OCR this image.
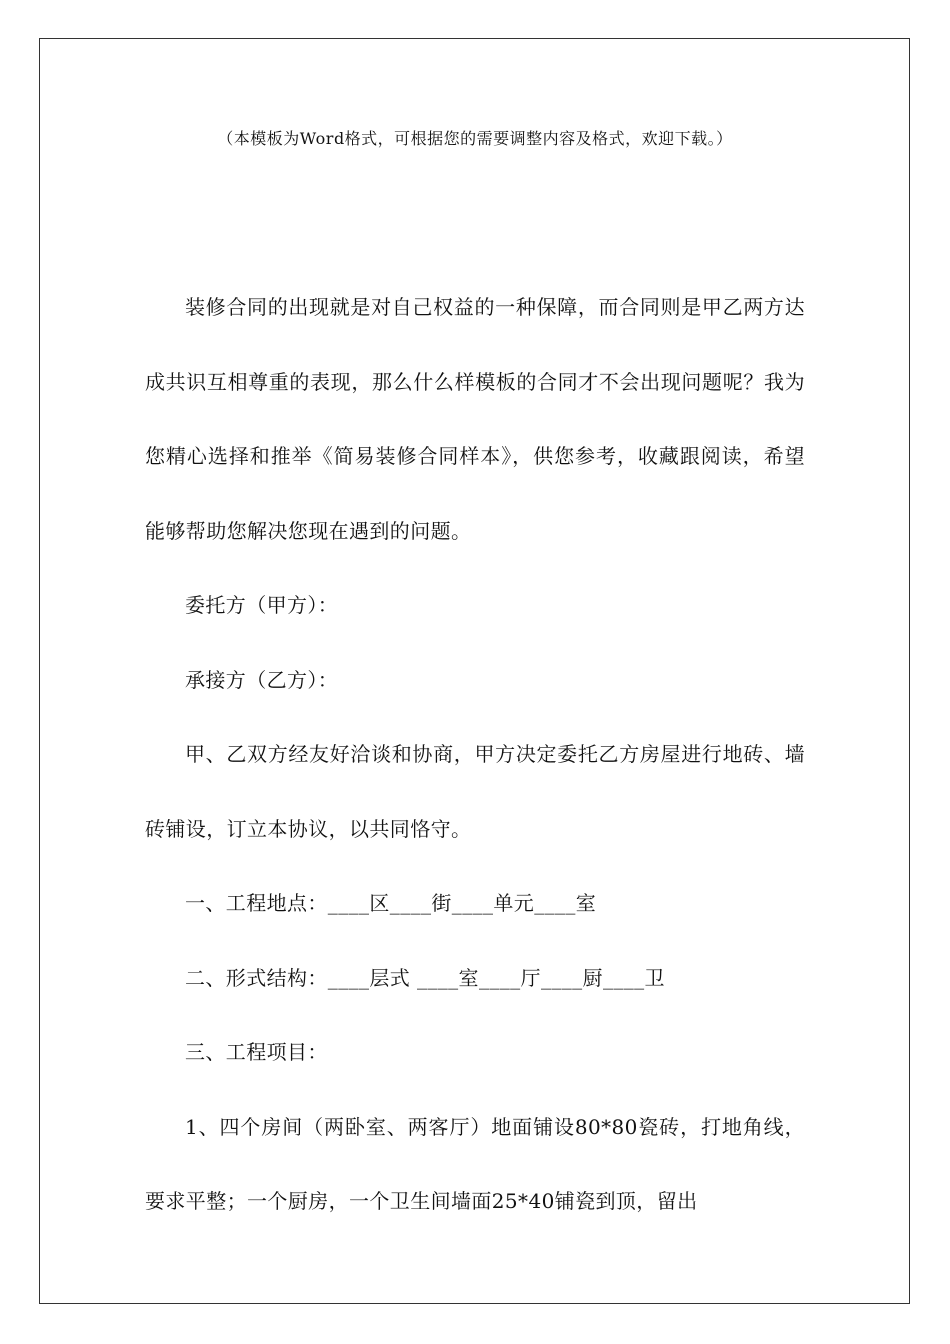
（本模板为Word格式，可根据您的需要调整内容及格式，欢迎下载。）

装修合同的出现就是对自己权益的一种保障，而合同则是甲乙两方达成共识互相尊重的表现，那么什么样模板的合同才不会出现问题呢？我为您精心选择和推举《简易装修合同样本》，供您参考，收藏跟阅读，希望能够帮助您解决您现在遇到的问题。

委托方（甲方）：

承接方（乙方）：

甲、乙双方经友好洽谈和协商，甲方决定委托乙方房屋进行地砖、墙砖铺设，订立本协议，以共同恪守。

一、工程地点：____区____街____单元____室

二、形式结构：____层式 ____室____厅____厨____卫

三、工程项目：

1、四个房间（两卧室、两客厅）地面铺设80*80瓷砖，打地角线，要求平整；一个厨房，一个卫生间墙面25*40铺瓷到顶，留出
